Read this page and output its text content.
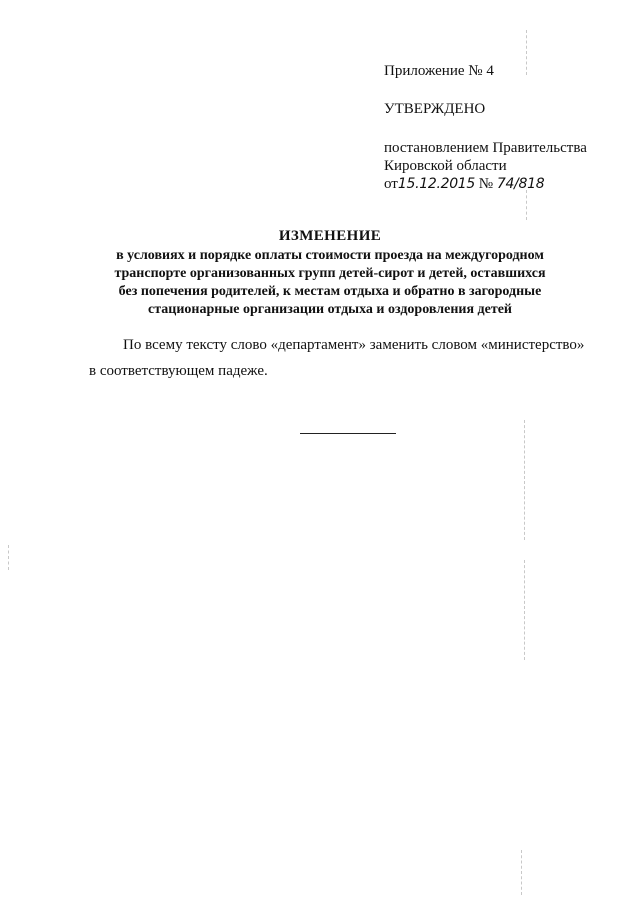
Приложение № 4
УТВЕРЖДЕНО
постановлением Правительства
Кировской области
от15.12.2015 № 74/818
ИЗМЕНЕНИЕ
в условиях и порядке оплаты стоимости проезда на междугородном
транспорте организованных групп детей-сирот и детей, оставшихся
без попечения родителей, к местам отдыха и обратно в загородные
стационарные организации отдыха и оздоровления детей
По всему тексту слово «департамент» заменить словом «министерство»
в соответствующем падеже.
